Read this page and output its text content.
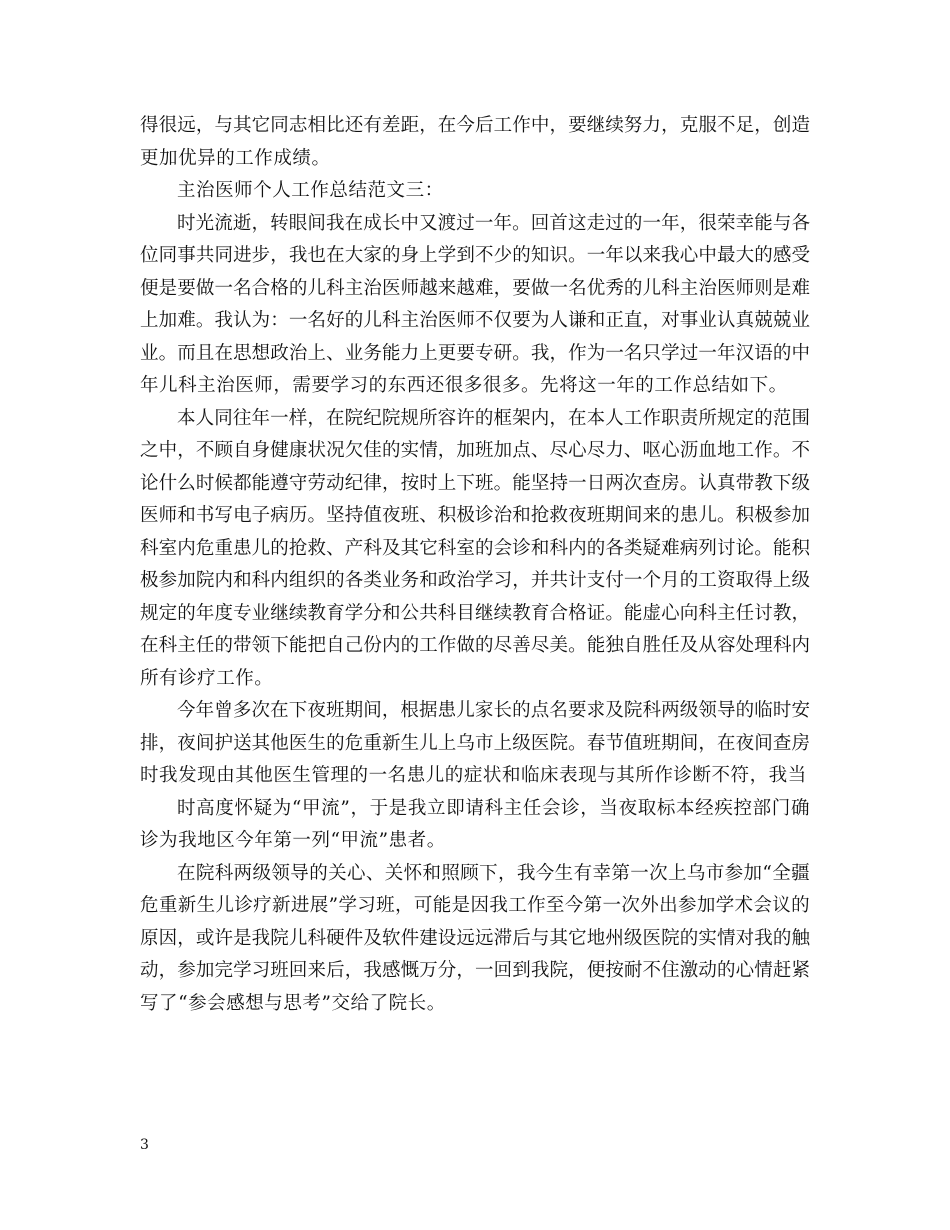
得很远，与其它同志相比还有差距，在今后工作中，要继续努力，克服不足，创造
更加优异的工作成绩。
主治医师个人工作总结范文三：
时光流逝，转眼间我在成长中又渡过一年。回首这走过的一年，很荣幸能与各
位同事共同进步，我也在大家的身上学到不少的知识。一年以来我心中最大的感受
便是要做一名合格的儿科主治医师越来越难，要做一名优秀的儿科主治医师则是难
上加难。我认为：一名好的儿科主治医师不仅要为人谦和正直，对事业认真兢兢业
业。而且在思想政治上、业务能力上更要专研。我，作为一名只学过一年汉语的中
年儿科主治医师，需要学习的东西还很多很多。先将这一年的工作总结如下。
本人同往年一样，在院纪院规所容许的框架内，在本人工作职责所规定的范围
之中，不顾自身健康状况欠佳的实情，加班加点、尽心尽力、呕心沥血地工作。不
论什么时候都能遵守劳动纪律，按时上下班。能坚持一日两次查房。认真带教下级
医师和书写电子病历。坚持值夜班、积极诊治和抢救夜班期间来的患儿。积极参加
科室内危重患儿的抢救、产科及其它科室的会诊和科内的各类疑难病列讨论。能积
极参加院内和科内组织的各类业务和政治学习，并共计支付一个月的工资取得上级
规定的年度专业继续教育学分和公共科目继续教育合格证。能虚心向科主任讨教，
在科主任的带领下能把自己份内的工作做的尽善尽美。能独自胜任及从容处理科内
所有诊疗工作。
今年曾多次在下夜班期间，根据患儿家长的点名要求及院科两级领导的临时安
排，夜间护送其他医生的危重新生儿上乌市上级医院。春节值班期间，在夜间查房
时我发现由其他医生管理的一名患儿的症状和临床表现与其所作诊断不符，我当
时高度怀疑为“甲流”，于是我立即请科主任会诊，当夜取标本经疾控部门确
诊为我地区今年第一列“甲流”患者。
在院科两级领导的关心、关怀和照顾下，我今生有幸第一次上乌市参加“全疆
危重新生儿诊疗新进展”学习班，可能是因我工作至今第一次外出参加学术会议的
原因，或许是我院儿科硬件及软件建设远远滞后与其它地州级医院的实情对我的触
动，参加完学习班回来后，我感慨万分，一回到我院，便按耐不住激动的心情赶紧
写了“参会感想与思考”交给了院长。
3
